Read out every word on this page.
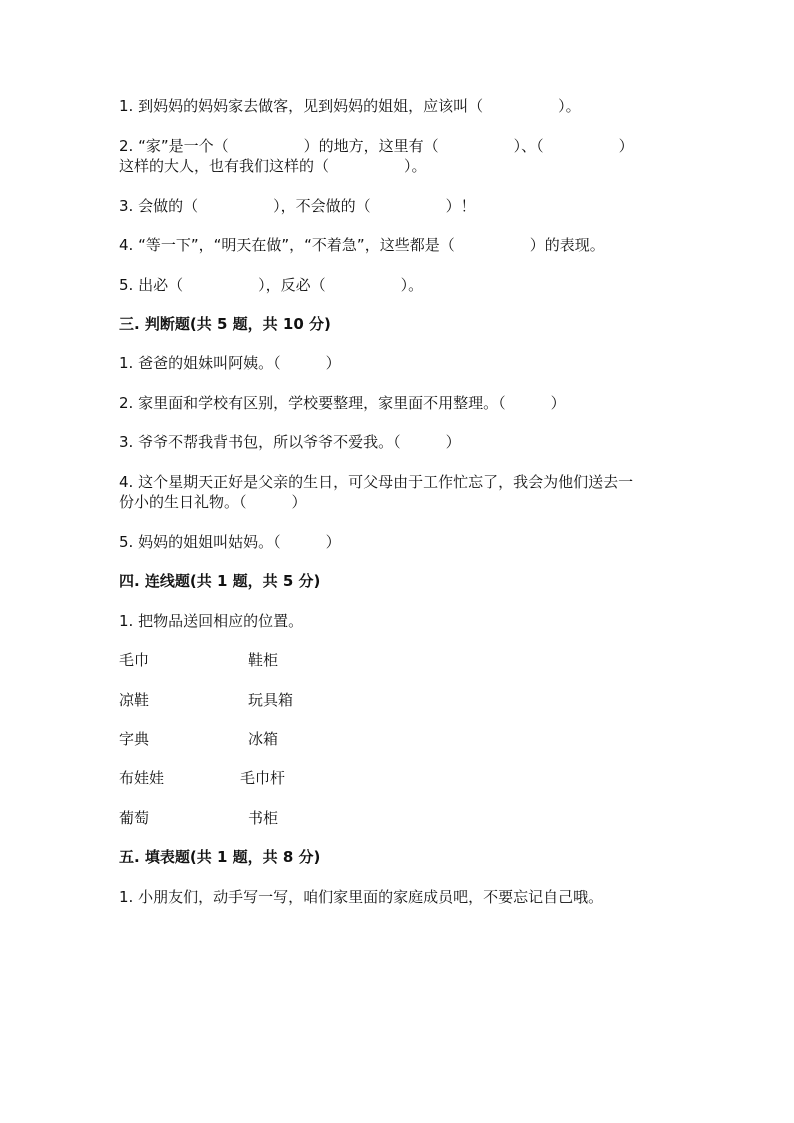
1. 到妈妈的妈妈家去做客，见到妈妈的姐姐，应该叫（　　　　　）。

2. “家”是一个（　　　　　）的地方，这里有（　　　　　）、（　　　　　）

这样的大人，也有我们这样的（　　　　　）。

3. 会做的（　　　　　），不会做的（　　　　　）！

4. “等一下”，“明天在做”，“不着急”，这些都是（　　　　　）的表现。

5. 出必（　　　　　），反必（　　　　　）。

三. 判断题(共 5 题，共 10 分)

1. 爸爸的姐妹叫阿姨。（　　　）

2. 家里面和学校有区别，学校要整理，家里面不用整理。（　　　）

3. 爷爷不帮我背书包，所以爷爷不爱我。（　　　）

4. 这个星期天正好是父亲的生日，可父母由于工作忙忘了，我会为他们送去一

份小的生日礼物。（　　　）

5. 妈妈的姐姐叫姑妈。（　　　）

四. 连线题(共 1 题，共 5 分)

1. 把物品送回相应的位置。

毛巾	鞋柜
凉鞋	玩具箱
字典	冰箱
布娃娃	毛巾杆
葡萄	书柜

五. 填表题(共 1 题，共 8 分)

1. 小朋友们，动手写一写，咱们家里面的家庭成员吧，不要忘记自己哦。
